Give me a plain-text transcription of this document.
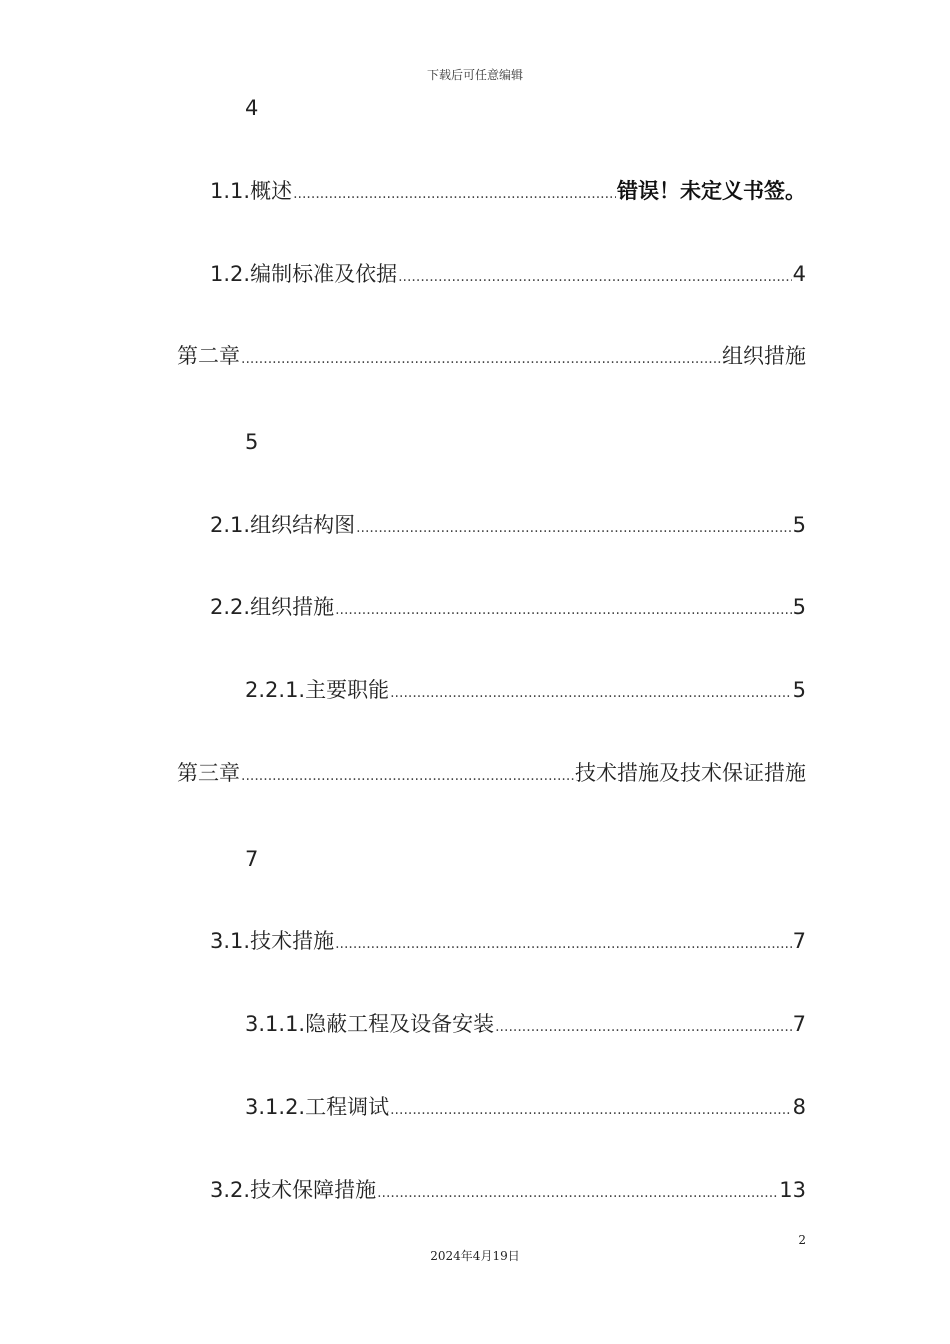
下载后可任意编辑
4
1.1. 概述 .....	错误！未定义书签。
1.2. 编制标准及依据 .....	4
第二章 .....	组织措施
5
2.1. 组织结构图 .....	5
2.2. 组织措施 .....	5
2.2.1. 主要职能 .....	5
第三章 .....	技术措施及技术保证措施
7
3.1. 技术措施 .....	7
3.1.1. 隐蔽工程及设备安装 .....	7
3.1.2. 工程调试 .....	8
3.2. 技术保障措施 .....	13
2
2024年4月19日
